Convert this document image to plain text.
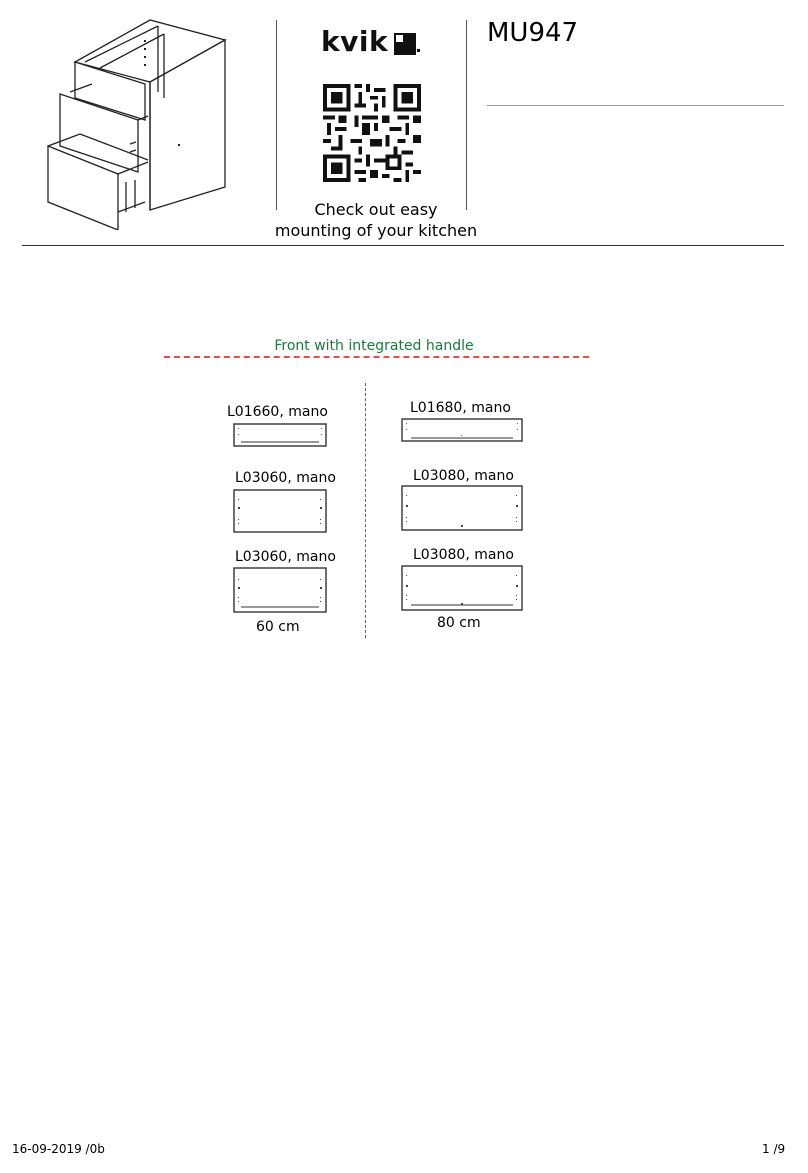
kvik
Check out easy
mounting of your kitchen
MU947
Front with integrated handle
L01660, mano
L03060, mano
L03060, mano
60 cm
L01680, mano
L03080, mano
L03080, mano
80 cm
16-09-2019 /0b	1 /9
